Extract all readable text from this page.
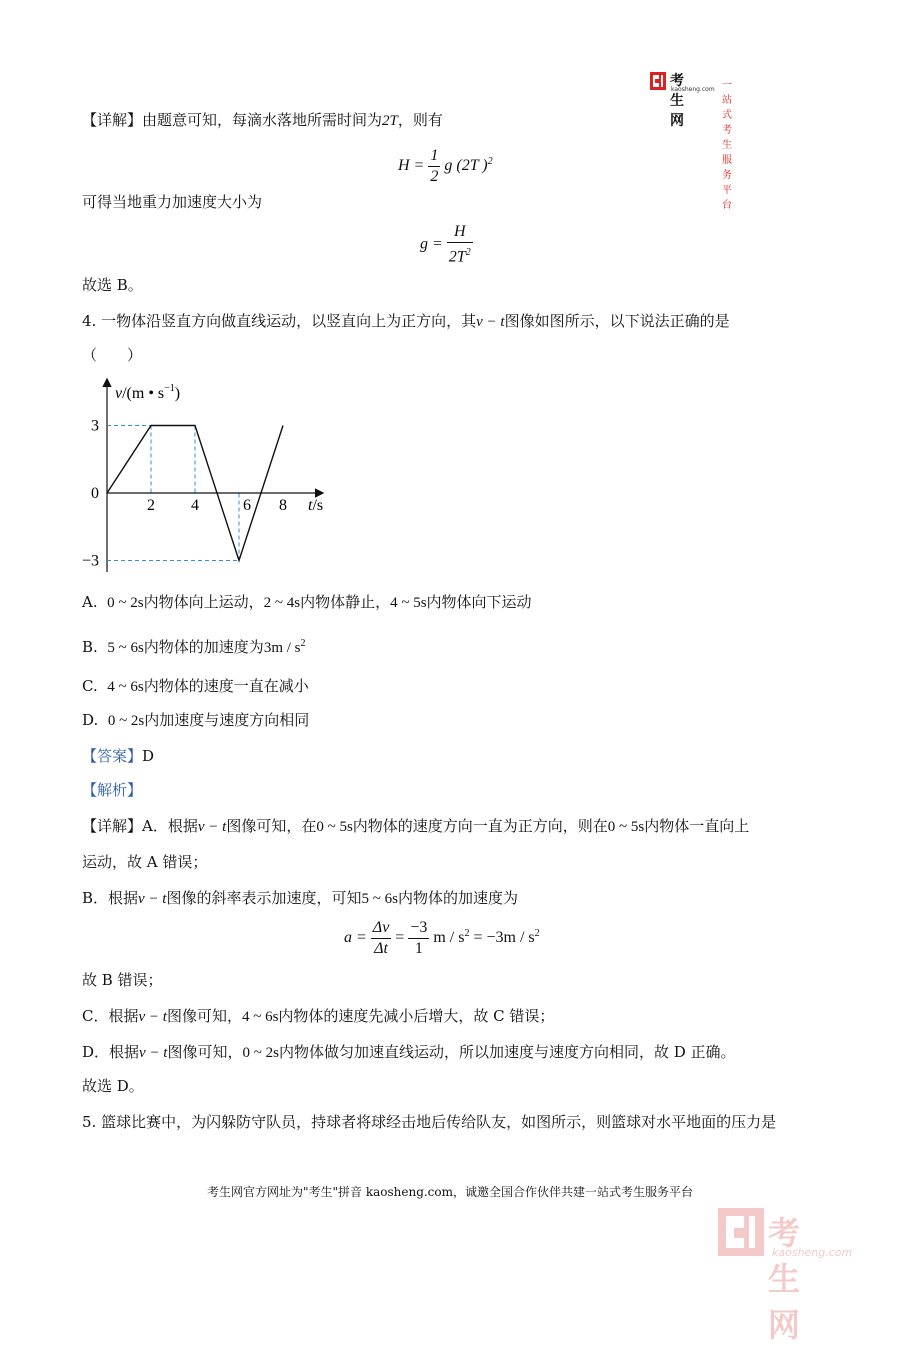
考生网
kaosheng.com 一站式考生服务平台
【详解】由题意可知，每滴水落地所需时间为2T，则有
$H = \frac{1}{2}$ g (2T )$^2$
可得当地重力加速度大小为
$g = \frac{H}{2T^2}$
故选 B。
4. 一物体沿竖直方向做直线运动，以竖直向上为正方向，其v − t图像如图所示，以下说法正确的是
（　　）
2 4	6 8
3
0
−3
v/(m • $s^{-1}$)
t/s
A. 0 ~ 2s内物体向上运动，2 ~ 4s内物体静止，4 ~ 5s内物体向下运动
B. 5 ~ 6s内物体的加速度为$3m / s^2$
C. 4 ~ 6s内物体的速度一直在减小
D. 0 ~ 2s内加速度与速度方向相同
【答案】D
【解析】
【详解】A．根据v − t图像可知，在0 ~ 5s内物体的速度方向一直为正方向，则在0 ~ 5s内物体一直向上
运动，故 A 错误；
B．根据v − t图像的斜率表示加速度，可知5 ~ 6s内物体的加速度为
$a = \frac{\Delta v}{\Delta t} = \frac{-3}{1}$ $m / s^2 = -3m / s^2$
故 B 错误；
C．根据v − t图像可知，4 ~ 6s内物体的速度先减小后增大，故 C 错误；
D．根据v − t图像可知，0 ~ 2s内物体做匀加速直线运动，所以加速度与速度方向相同，故 D 正确。
故选 D。
5. 篮球比赛中，为闪躲防守队员，持球者将球经击地后传给队友，如图所示，则篮球对水平地面的压力是
考生网官方网址为"考生"拼音 kaosheng.com，诚邀全国合作伙伴共建一站式考生服务平台
考生网
kaosheng.com
